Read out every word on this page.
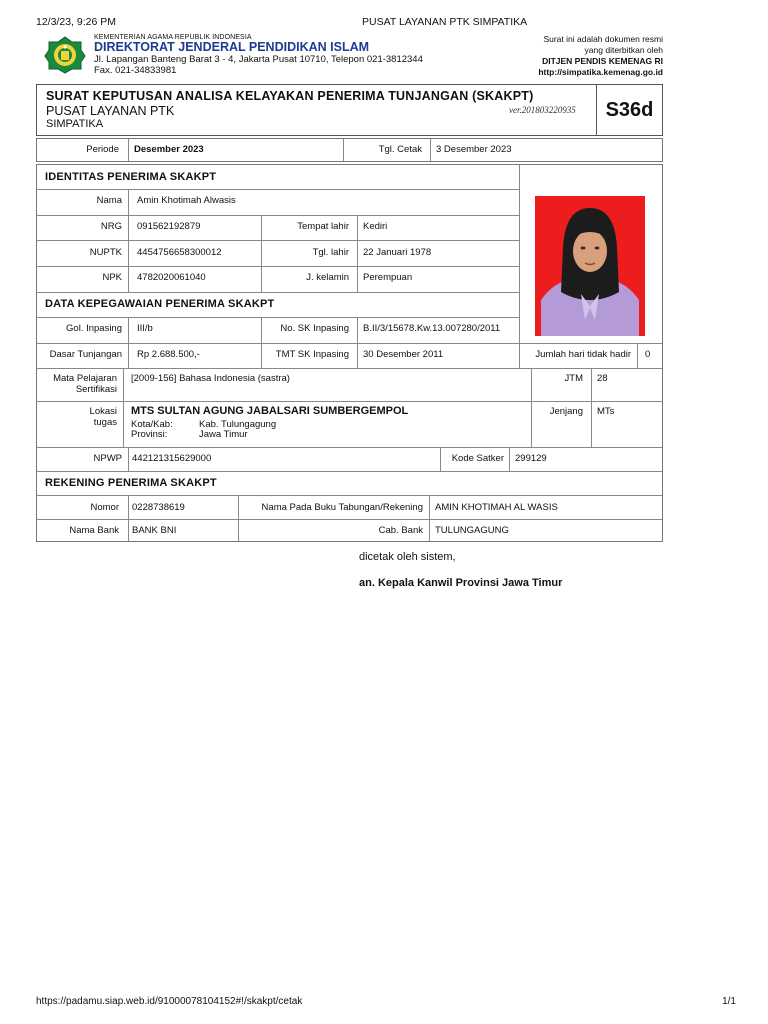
12/3/23, 9:26 PM	PUSAT LAYANAN PTK SIMPATIKA
KEMENTERIAN AGAMA REPUBLIK INDONESIA
DIREKTORAT JENDERAL PENDIDIKAN ISLAM
Jl. Lapangan Banteng Barat 3 - 4, Jakarta Pusat 10710, Telepon 021-3812344
Fax. 021-34833981
Surat ini adalah dokumen resmi
yang diterbitkan oleh
DITJEN PENDIS KEMENAG RI
http://simpatika.kemenag.go.id
SURAT KEPUTUSAN ANALISA KELAYAKAN PENERIMA TUNJANGAN (SKAKPT)
PUSAT LAYANAN PTK
SIMPATIKA
ver.201803220935	S36d
Periode Desember 2023	Tgl. Cetak 3 Desember 2023
IDENTITAS PENERIMA SKAKPT
Nama Amin Khotimah Alwasis
NRG 091562192879	Tempat lahir Kediri
NUPTK 4454756658300012	Tgl. lahir 22 Januari 1978
NPK 4782020061040	J. kelamin Perempuan
DATA KEPEGAWAIAN PENERIMA SKAKPT
Gol. Inpasing III/b	No. SK Inpasing B.II/3/15678.Kw.13.007280/2011
Dasar Tunjangan Rp 2.688.500,-	TMT SK Inpasing 30 Desember 2011	Jumlah hari tidak hadir 0
Mata Pelajaran
Sertifikasi
[2009-156] Bahasa Indonesia (sastra)	JTM 28
Lokasi
tugas
MTS SULTAN AGUNG JABALSARI SUMBERGEMPOL
Kota/Kab:	Kab. Tulungagung
Provinsi:	Jawa Timur
Jenjang MTs
NPWP 442121315629000	Kode Satker 299129
REKENING PENERIMA SKAKPT
Nomor 0228738619	Nama Pada Buku Tabungan/Rekening AMIN KHOTIMAH AL WASIS
Nama Bank BANK BNI	Cab. Bank TULUNGAGUNG
dicetak oleh sistem,
an. Kepala Kanwil Provinsi Jawa Timur
https://padamu.siap.web.id/91000078104152#!/skakpt/cetak	1/1
